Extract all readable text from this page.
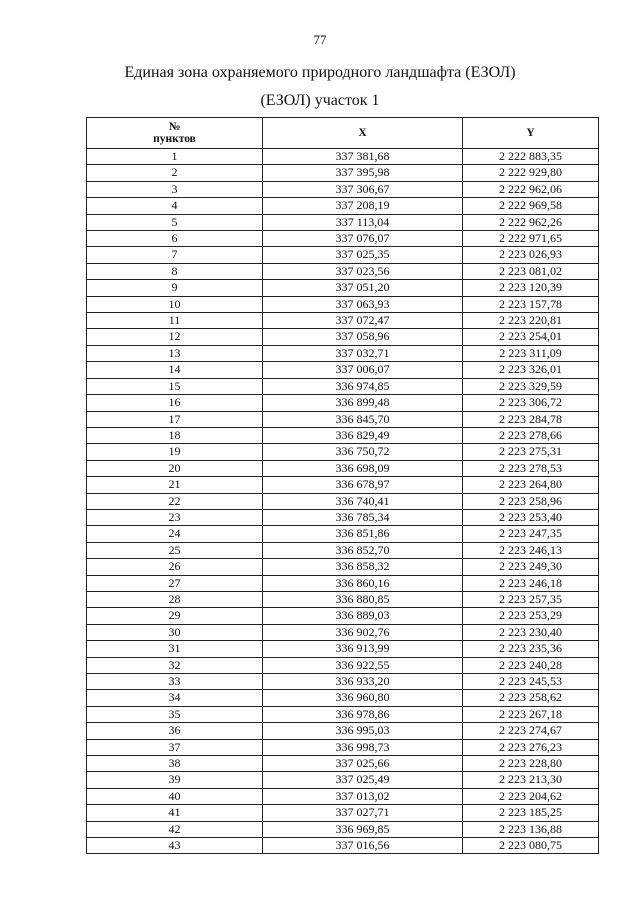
77
Единая зона охраняемого природного ландшафта (ЕЗОЛ)
(ЕЗОЛ) участок 1
№
пунктов	X	Y
1	337 381,68	2 222 883,35
2	337 395,98	2 222 929,80
3	337 306,67	2 222 962,06
4	337 208,19	2 222 969,58
5	337 113,04	2 222 962,26
6	337 076,07	2 222 971,65
7	337 025,35	2 223 026,93
8	337 023,56	2 223 081,02
9	337 051,20	2 223 120,39
10	337 063,93	2 223 157,78
11	337 072,47	2 223 220,81
12	337 058,96	2 223 254,01
13	337 032,71	2 223 311,09
14	337 006,07	2 223 326,01
15	336 974,85	2 223 329,59
16	336 899,48	2 223 306,72
17	336 845,70	2 223 284,78
18	336 829,49	2 223 278,66
19	336 750,72	2 223 275,31
20	336 698,09	2 223 278,53
21	336 678,97	2 223 264,80
22	336 740,41	2 223 258,96
23	336 785,34	2 223 253,40
24	336 851,86	2 223 247,35
25	336 852,70	2 223 246,13
26	336 858,32	2 223 249,30
27	336 860,16	2 223 246,18
28	336 880,85	2 223 257,35
29	336 889,03	2 223 253,29
30	336 902,76	2 223 230,40
31	336 913,99	2 223 235,36
32	336 922,55	2 223 240,28
33	336 933,20	2 223 245,53
34	336 960,80	2 223 258,62
35	336 978,86	2 223 267,18
36	336 995,03	2 223 274,67
37	336 998,73	2 223 276,23
38	337 025,66	2 223 228,80
39	337 025,49	2 223 213,30
40	337 013,02	2 223 204,62
41	337 027,71	2 223 185,25
42	336 969,85	2 223 136,88
43	337 016,56	2 223 080,75
